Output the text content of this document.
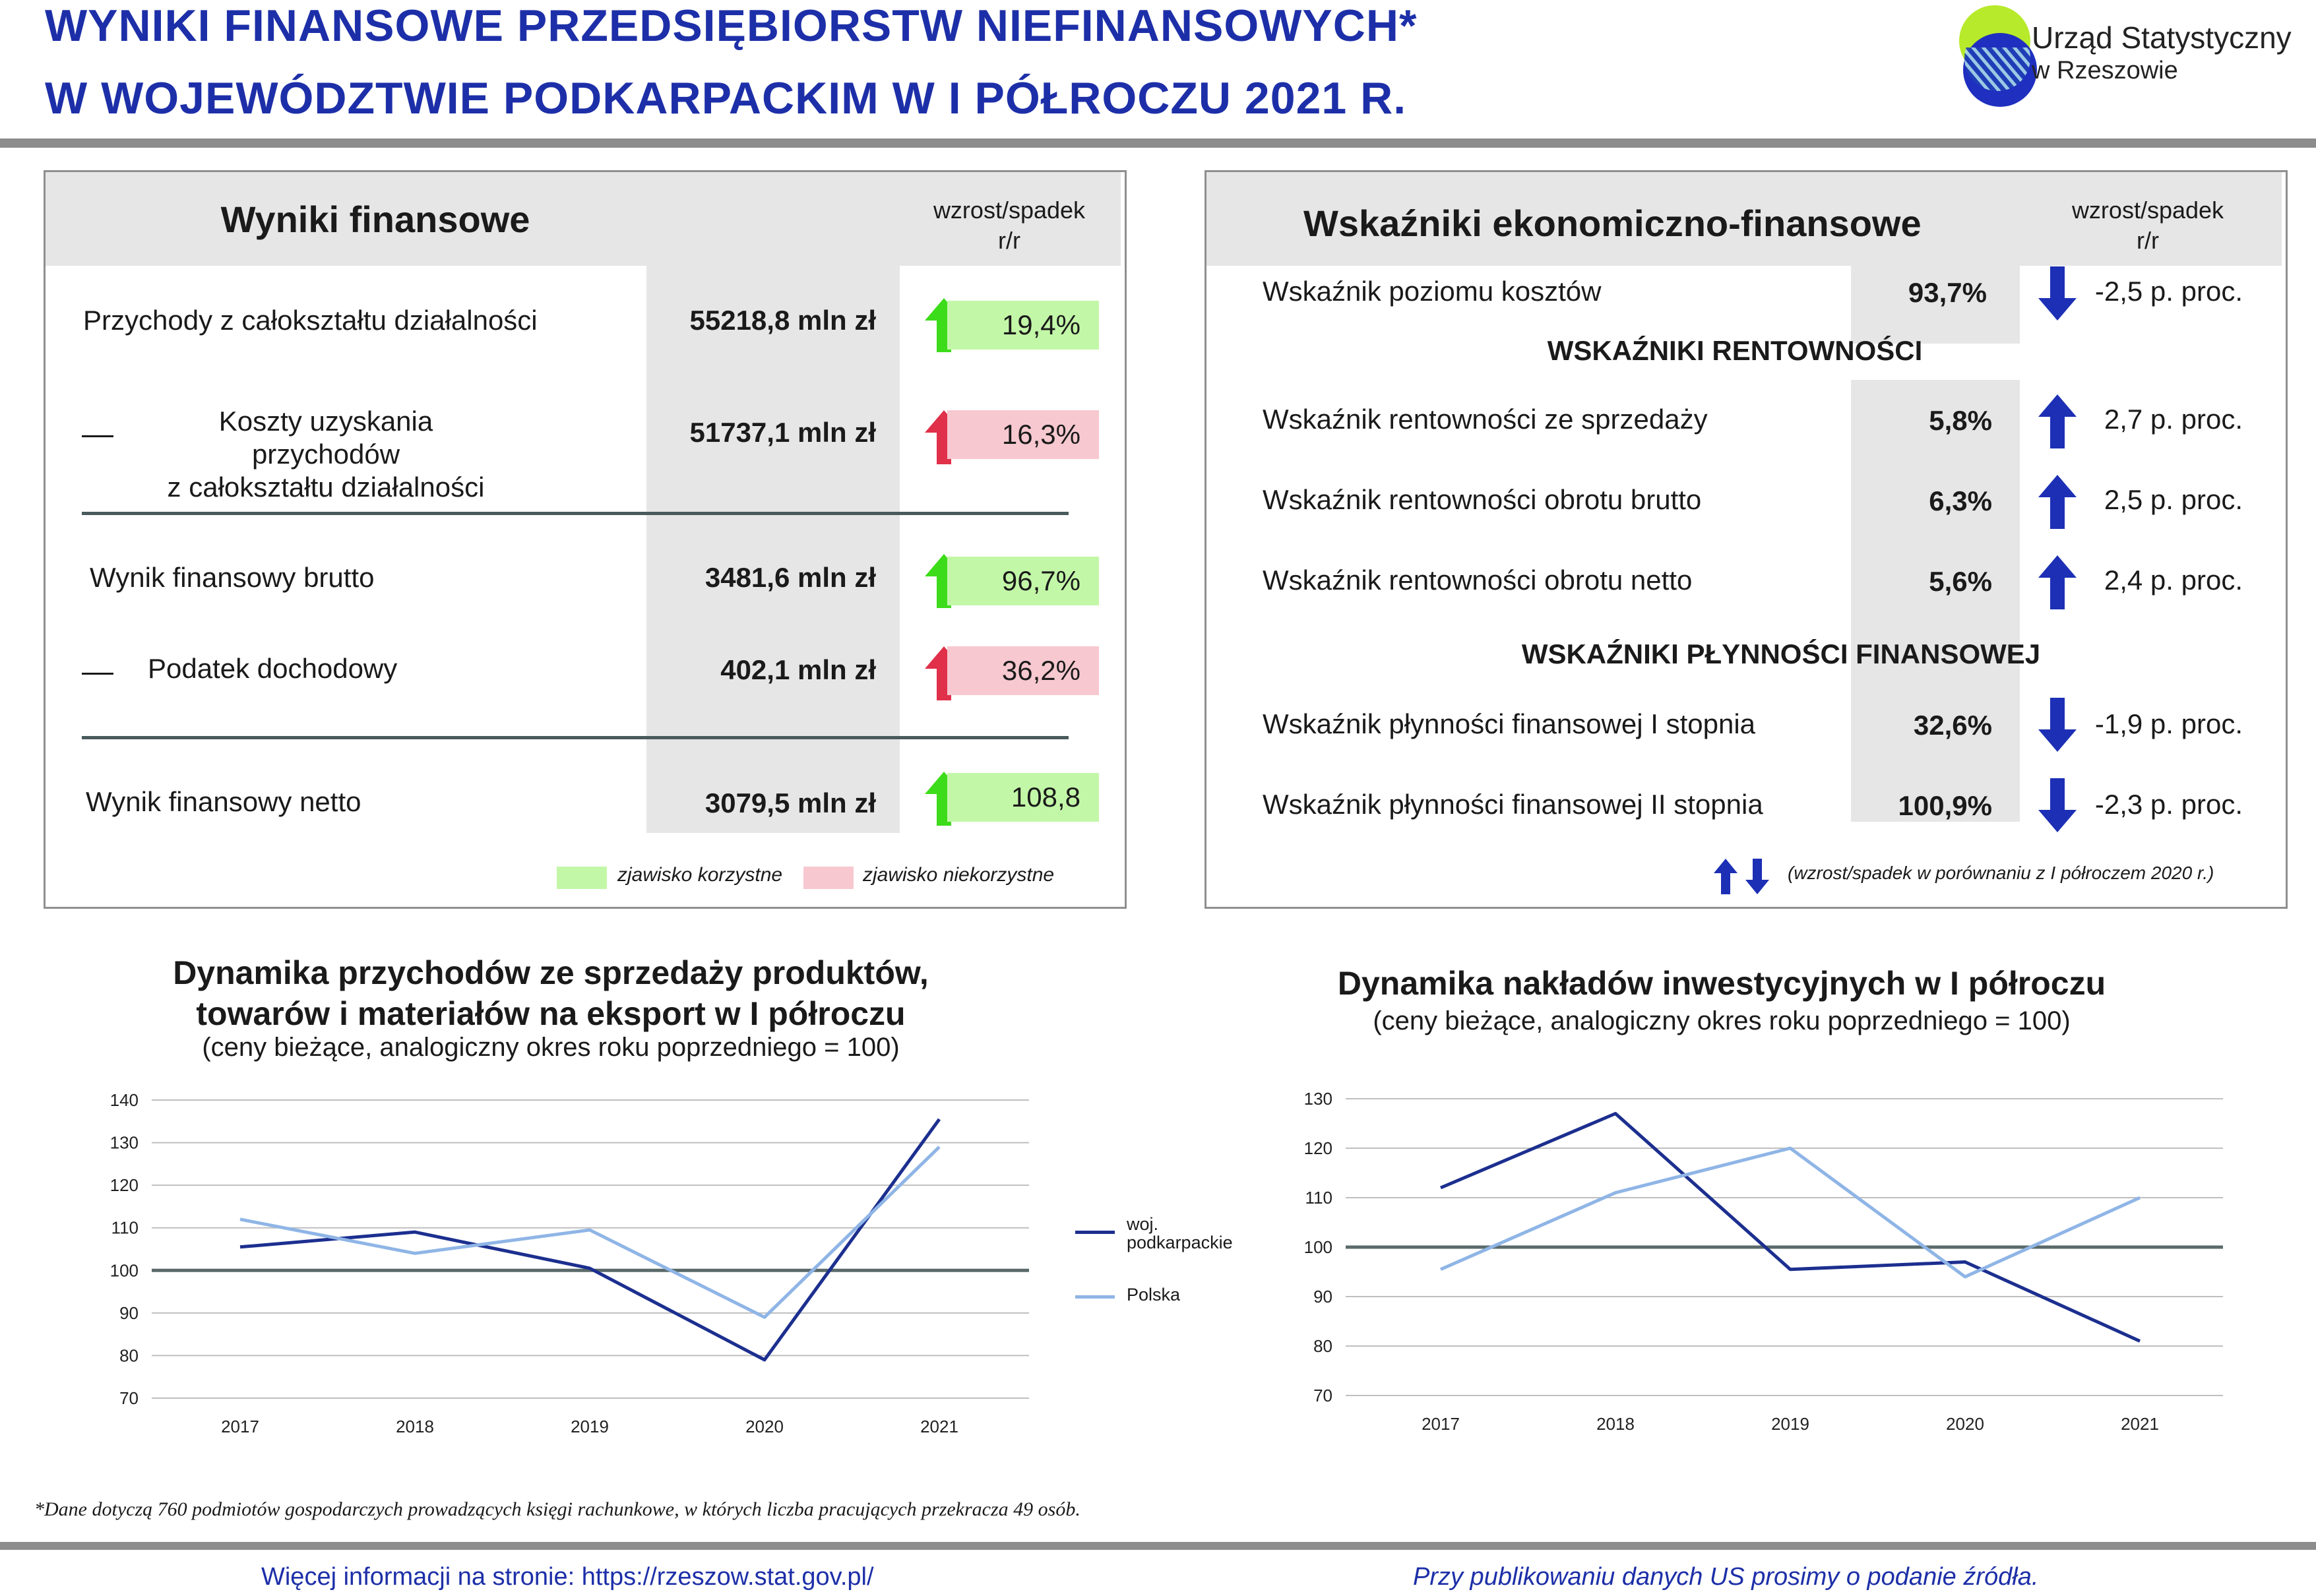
WYNIKI FINANSOWE PRZEDSIĘBIORSTW NIEFINANSOWYCH*
W WOJEWÓDZTWIE PODKARPACKIM W I PÓŁROCZU 2021 R.
Urząd Statystyczny
w Rzeszowie
Wyniki finansowe	wzrost/spadek
r/r
Przychody z całokształtu działalności	55218,8 mln zł	19,4%
Koszty uzyskania przychodów
z całokształtu działalności
51737,1 mln zł	16,3%
Wynik finansowy brutto	3481,6 mln zł	96,7%
Podatek dochodowy	402,1 mln zł	36,2%
Wynik finansowy netto	3079,5 mln zł	108,8
zjawisko korzystne	zjawisko niekorzystne
Wskaźniki ekonomiczno-finansowe	wzrost/spadek
r/r
Wskaźnik poziomu kosztów	93,7%	-2,5 p. proc.
WSKAŹNIKI RENTOWNOŚCI
Wskaźnik rentowności ze sprzedaży	5,8%	2,7 p. proc.
Wskaźnik rentowności obrotu brutto	6,3%	2,5 p. proc.
Wskaźnik rentowności obrotu netto	5,6%	2,4 p. proc.
WSKAŹNIKI PŁYNNOŚCI FINANSOWEJ
Wskaźnik płynności finansowej I stopnia	32,6%	-1,9 p. proc.
Wskaźnik płynności finansowej II stopnia	100,9%	-2,3 p. proc.
(wzrost/spadek w porównaniu z I półroczem 2020 r.)
Dynamika przychodów ze sprzedaży produktów,
towarów i materiałów na eksport w I półroczu
(ceny bieżące, analogiczny okres roku poprzedniego = 100)
70
80
90
100
110
120
130
140
2017	2018	2019	2020	2021
woj. podkarpackie
Polska
Dynamika nakładów inwestycyjnych w I półroczu
(ceny bieżące, analogiczny okres roku poprzedniego = 100)
70
80
90
100
110
120
130
2017	2018	2019	2020	2021
*Dane dotyczą 760 podmiotów gospodarczych prowadzących księgi rachunkowe, w których liczba pracujących przekracza 49 osób.
Więcej informacji na stronie: https://rzeszow.stat.gov.pl/	Przy publikowaniu danych US prosimy o podanie źródła.
